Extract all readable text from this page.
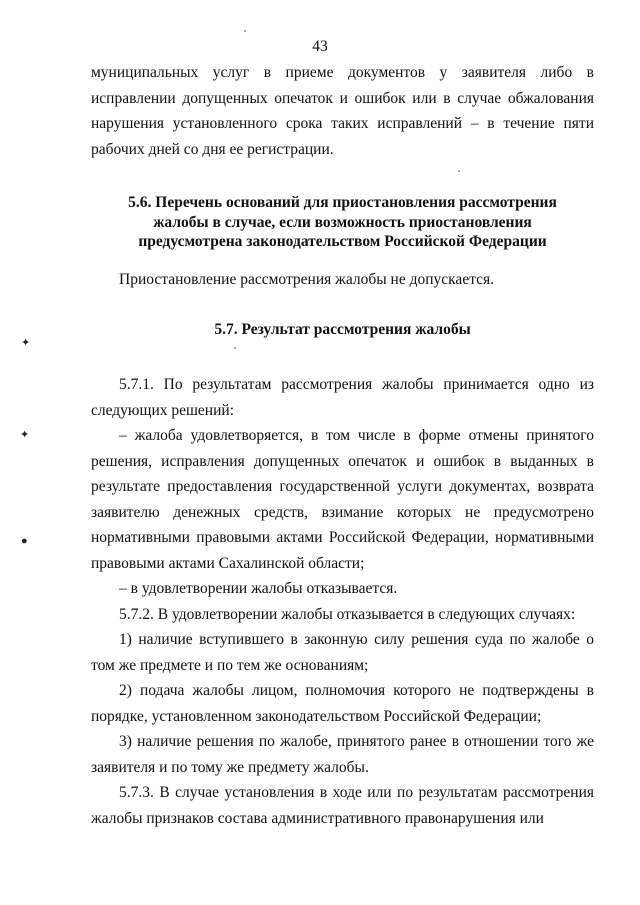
43

муниципальных услуг в приеме документов у заявителя либо в исправлении допущенных опечаток и ошибок или в случае обжалования нарушения установленного срока таких исправлений – в течение пяти рабочих дней со дня ее регистрации.

5.6. Перечень оснований для приостановления рассмотрения

жалобы в случае, если возможность приостановления

предусмотрена законодательством Российской Федерации

Приостановление рассмотрения жалобы не допускается.

5.7. Результат рассмотрения жалобы

5.7.1. По результатам рассмотрения жалобы принимается одно из следующих решений:

– жалоба удовлетворяется, в том числе в форме отмены принятого решения, исправления допущенных опечаток и ошибок в выданных в результате предоставления государственной услуги документах, возврата заявителю денежных средств, взимание которых не предусмотрено нормативными правовыми актами Российской Федерации, нормативными правовыми актами Сахалинской области;

– в удовлетворении жалобы отказывается.

5.7.2. В удовлетворении жалобы отказывается в следующих случаях:

1) наличие вступившего в законную силу решения суда по жалобе о том же предмете и по тем же основаниям;

2) подача жалобы лицом, полномочия которого не подтверждены в порядке, установленном законодательством Российской Федерации;

3) наличие решения по жалобе, принятого ранее в отношении того же заявителя и по тому же предмету жалобы.

5.7.3. В случае установления в ходе или по результатам рассмотрения жалобы признаков состава административного правонарушения или

✦
✦
●
